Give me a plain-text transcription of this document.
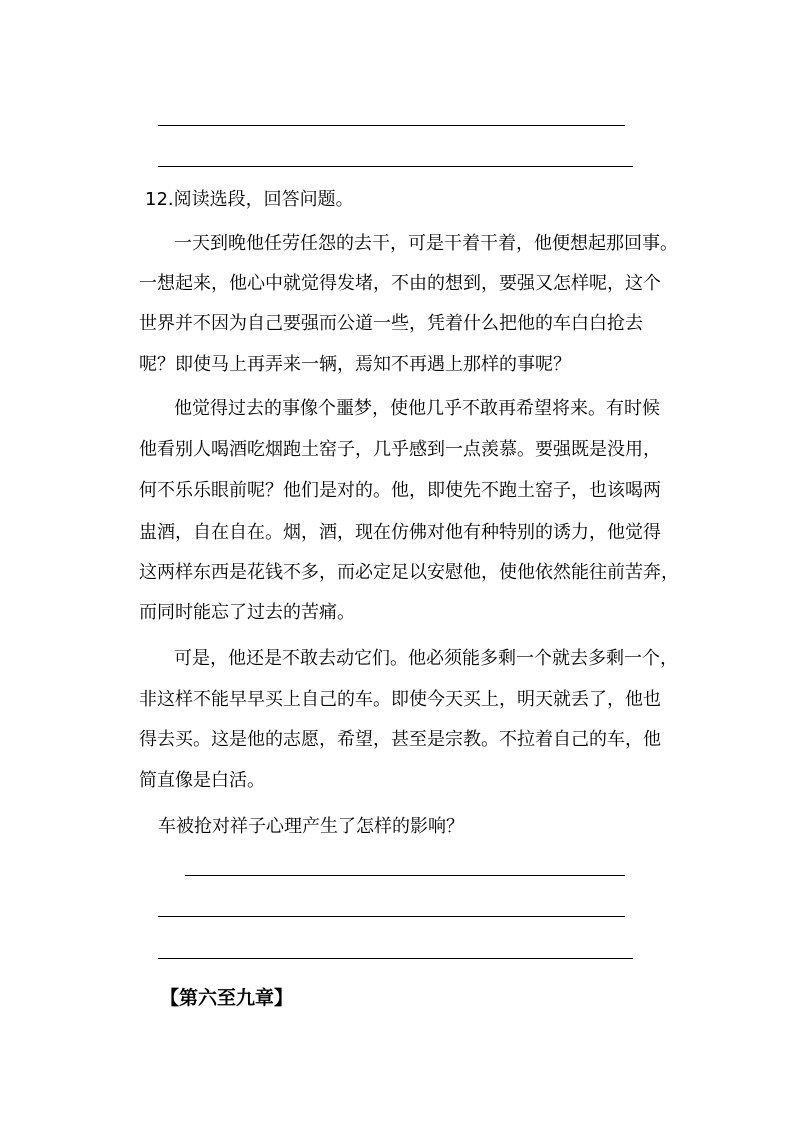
12.阅读选段，回答问题。
一天到晚他任劳任怨的去干，可是干着干着，他便想起那回事。
一想起来，他心中就觉得发堵，不由的想到，要强又怎样呢，这个
世界并不因为自己要强而公道一些，凭着什么把他的车白白抢去
呢？即使马上再弄来一辆，焉知不再遇上那样的事呢？
他觉得过去的事像个噩梦，使他几乎不敢再希望将来。有时候
他看别人喝酒吃烟跑土窑子，几乎感到一点羡慕。要强既是没用，
何不乐乐眼前呢？他们是对的。他，即使先不跑土窑子，也该喝两
盅酒，自在自在。烟，酒，现在仿佛对他有种特别的诱力，他觉得
这两样东西是花钱不多，而必定足以安慰他，使他依然能往前苦奔，
而同时能忘了过去的苦痛。
可是，他还是不敢去动它们。他必须能多剩一个就去多剩一个，
非这样不能早早买上自己的车。即使今天买上，明天就丢了，他也
得去买。这是他的志愿，希望，甚至是宗教。不拉着自己的车，他
简直像是白活。
车被抢对祥子心理产生了怎样的影响？
【第六至九章】
